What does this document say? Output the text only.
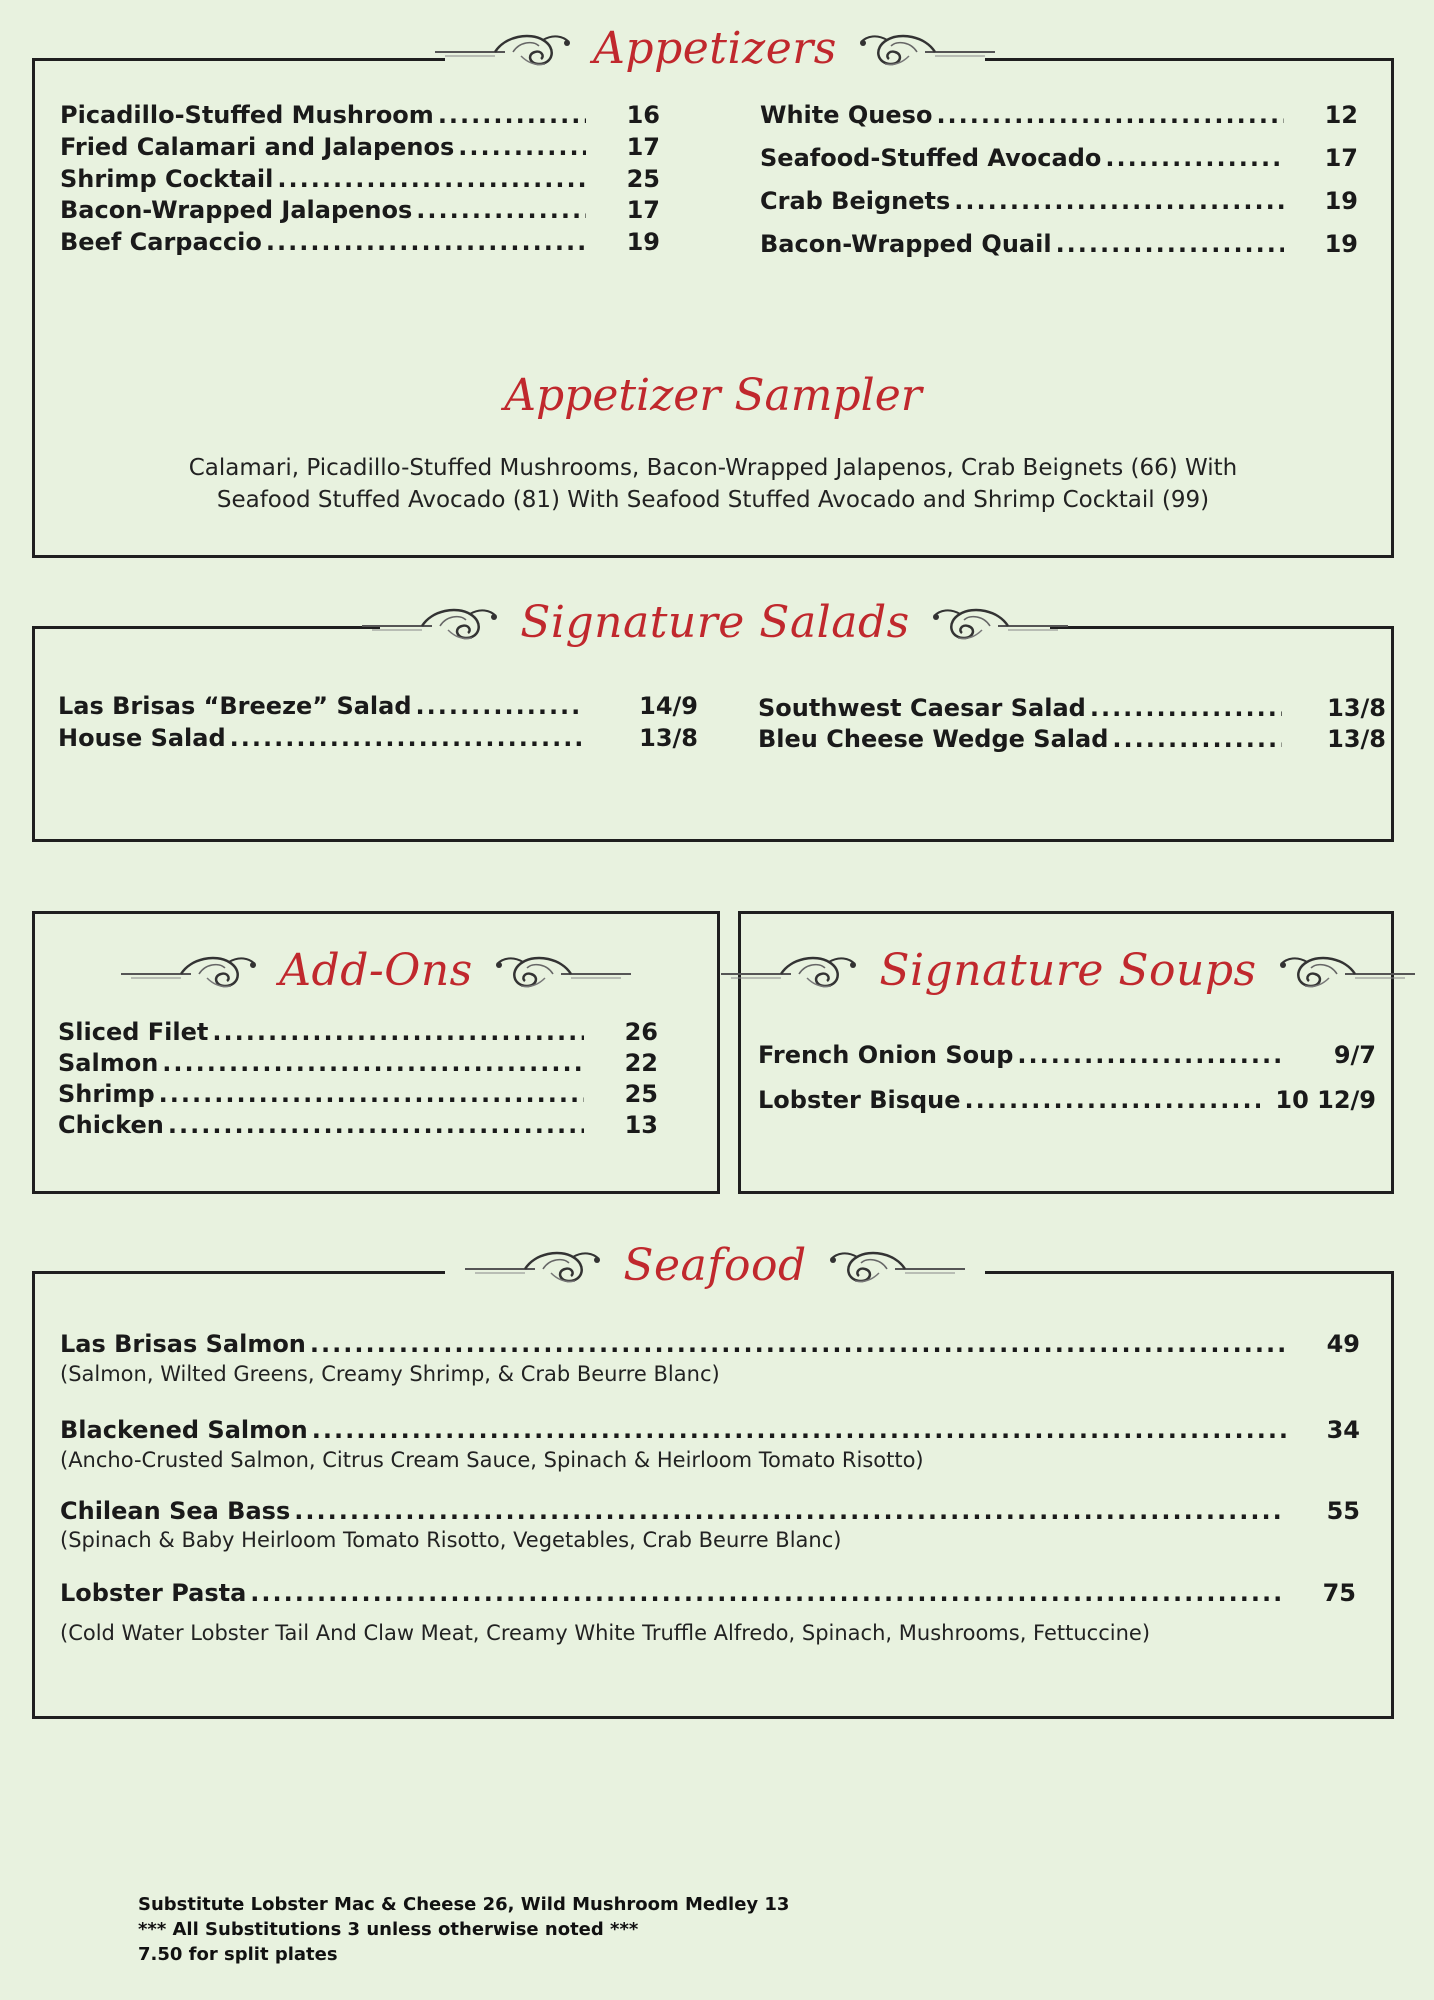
Appetizers
Picadillo-Stuffed Mushroom .....	16
Fried Calamari and Jalapenos .....	17
Shrimp Cocktail .....	25
Bacon-Wrapped Jalapenos .....	17
Beef Carpaccio .....	19
White Queso .....	12
Seafood-Stuffed Avocado .....	17
Crab Beignets .....	19
Bacon-Wrapped Quail .....	19
Appetizer Sampler
Calamari, Picadillo-Stuffed Mushrooms, Bacon-Wrapped Jalapenos, Crab Beignets (66) With
Seafood Stuffed Avocado (81) With Seafood Stuffed Avocado and Shrimp Cocktail (99)
Signature Salads
Las Brisas “Breeze” Salad .....	14/9
House Salad .....	13/8
Southwest Caesar Salad .....	13/8
Bleu Cheese Wedge Salad .....	13/8
Add-Ons
Sliced Filet .....	26
Salmon .....	22
Shrimp .....	25
Chicken .....	13
Signature Soups
French Onion Soup .....	9/7
Lobster Bisque .....	10 12/9
Seafood
Las Brisas Salmon .....	49
(Salmon, Wilted Greens, Creamy Shrimp, & Crab Beurre Blanc)
Blackened Salmon .....	34
(Ancho-Crusted Salmon, Citrus Cream Sauce, Spinach & Heirloom Tomato Risotto)
Chilean Sea Bass .....	55
(Spinach & Baby Heirloom Tomato Risotto, Vegetables, Crab Beurre Blanc)
Lobster Pasta .....	75
(Cold Water Lobster Tail And Claw Meat, Creamy White Truffle Alfredo, Spinach, Mushrooms, Fettuccine)
Substitute Lobster Mac & Cheese 26, Wild Mushroom Medley 13
*** All Substitutions 3 unless otherwise noted ***
7.50 for split plates
